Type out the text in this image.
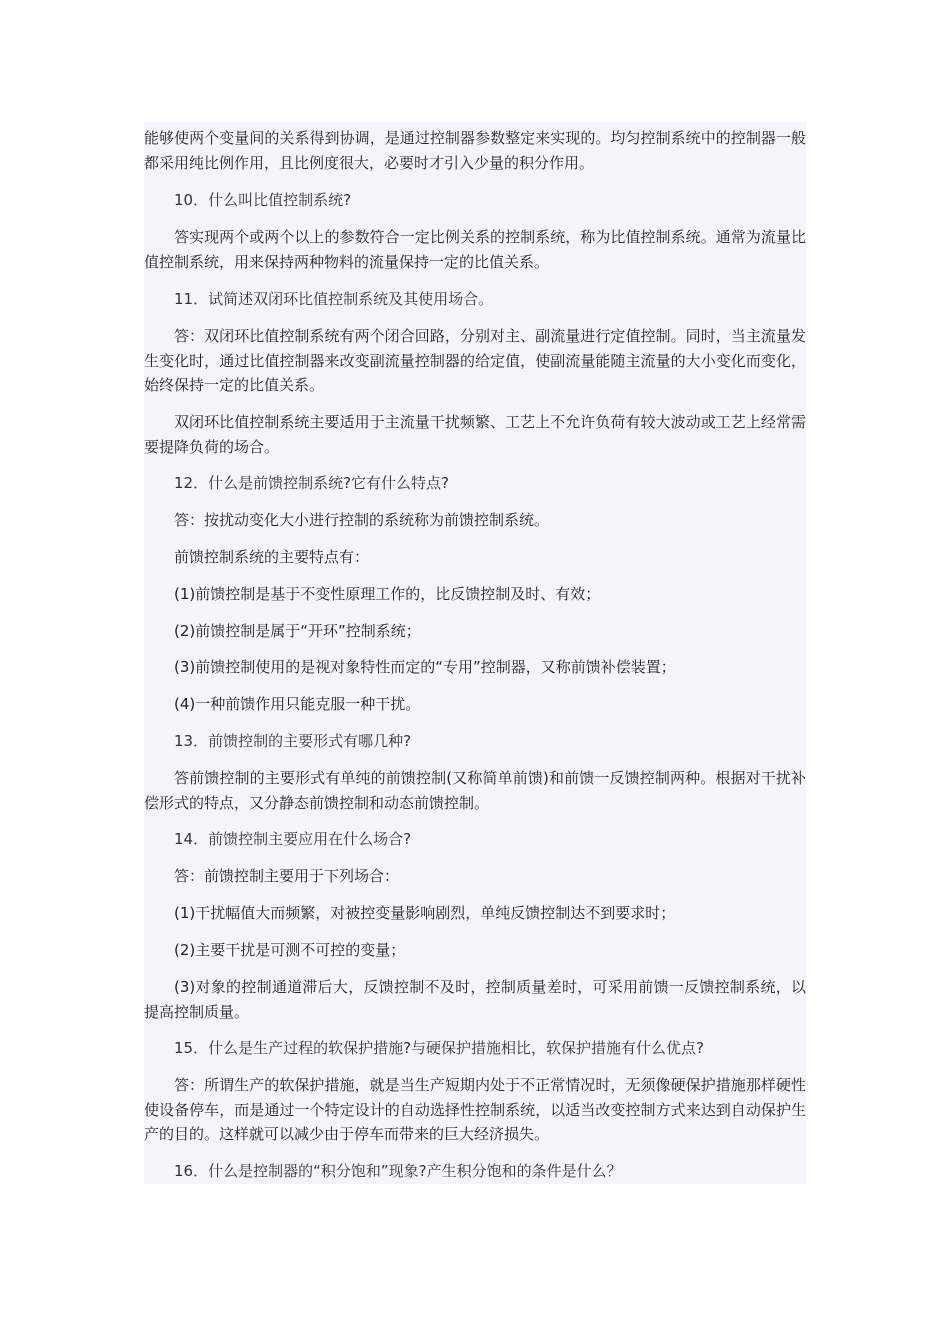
能够使两个变量间的关系得到协调，是通过控制器参数整定来实现的。均匀控制系统中的控制器一般都采用纯比例作用，且比例度很大，必要时才引入少量的积分作用。

10．什么叫比值控制系统?

答实现两个或两个以上的参数符合一定比例关系的控制系统，称为比值控制系统。通常为流量比值控制系统，用来保持两种物料的流量保持一定的比值关系。

11．试简述双闭环比值控制系统及其使用场合。

答：双闭环比值控制系统有两个闭合回路，分别对主、副流量进行定值控制。同时，当主流量发生变化时，通过比值控制器来改变副流量控制器的给定值，使副流量能随主流量的大小变化而变化，始终保持一定的比值关系。

双闭环比值控制系统主要适用于主流量干扰频繁、工艺上不允许负荷有较大波动或工艺上经常需要提降负荷的场合。

12．什么是前馈控制系统?它有什么特点?

答：按扰动变化大小进行控制的系统称为前馈控制系统。

前馈控制系统的主要特点有：

(1)前馈控制是基于不变性原理工作的，比反馈控制及时、有效；

(2)前馈控制是属于“开环”控制系统；

(3)前馈控制使用的是视对象特性而定的“专用”控制器，又称前馈补偿装置；

(4)一种前馈作用只能克服一种干扰。

13．前馈控制的主要形式有哪几种?

答前馈控制的主要形式有单纯的前馈控制(又称简单前馈)和前馈一反馈控制两种。根据对干扰补偿形式的特点，又分静态前馈控制和动态前馈控制。

14．前馈控制主要应用在什么场合?

答：前馈控制主要用于下列场合：

(1)干扰幅值大而频繁，对被控变量影响剧烈，单纯反馈控制达不到要求时；

(2)主要干扰是可测不可控的变量；

(3)对象的控制通道滞后大，反馈控制不及时，控制质量差时，可采用前馈一反馈控制系统，以提高控制质量。

15．什么是生产过程的软保护措施?与硬保护措施相比，软保护措施有什么优点?

答：所谓生产的软保护措施，就是当生产短期内处于不正常情况时，无须像硬保护措施那样硬性使设备停车，而是通过一个特定设计的自动选择性控制系统，以适当改变控制方式来达到自动保护生产的目的。这样就可以减少由于停车而带来的巨大经济损失。

16．什么是控制器的“积分饱和”现象?产生积分饱和的条件是什么？
